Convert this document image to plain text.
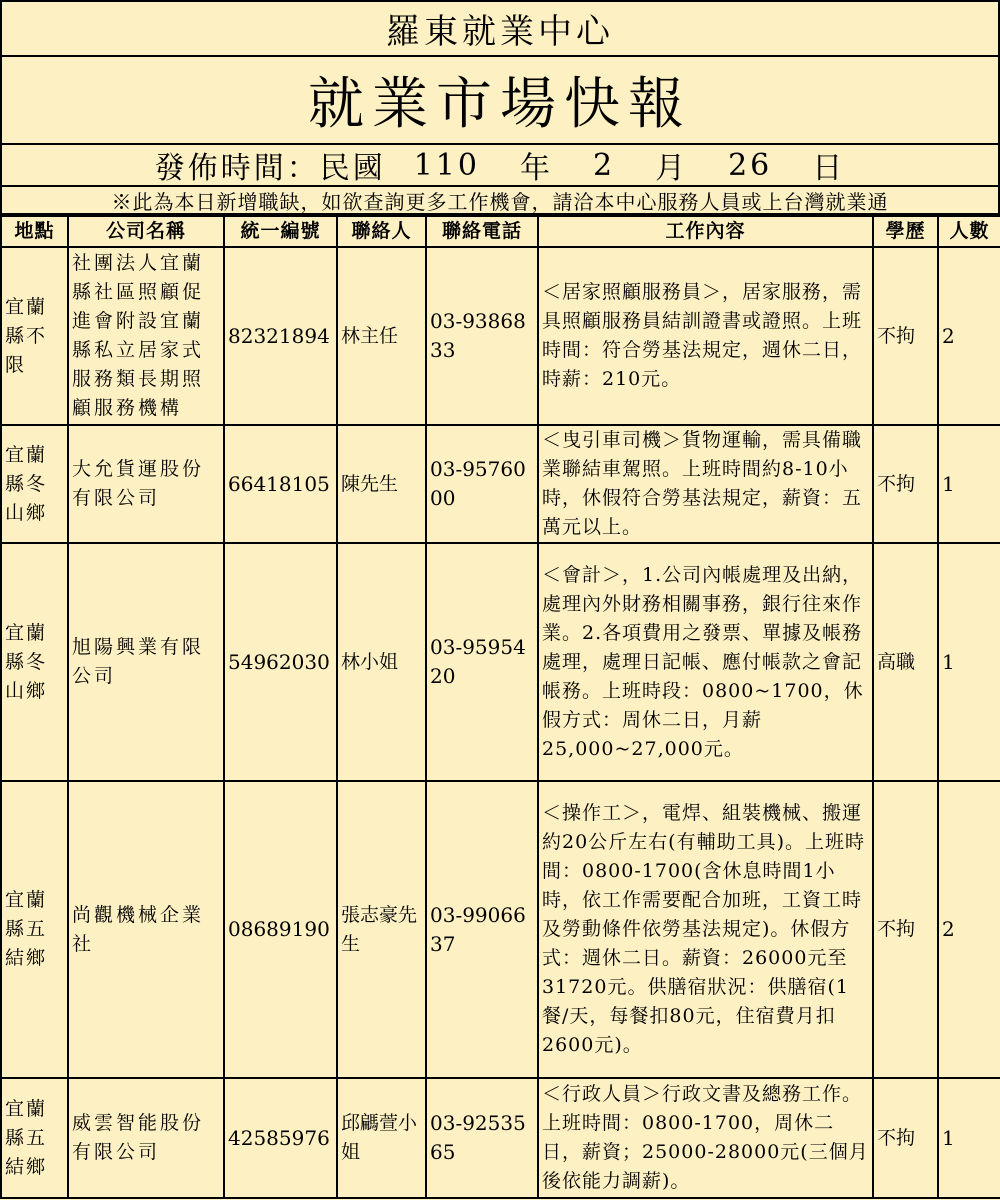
羅東就業中心
就業市場快報
發佈時間：民國 110 年 2 月 26 日
※此為本日新增職缺，如欲查詢更多工作機會，請洽本中心服務人員或上台灣就業通
地點	公司名稱	統一編號	聯絡人	聯絡電話	工作內容	學歷	人數
宜蘭縣不限	社團法人宜蘭縣社區照顧促進會附設宜蘭縣私立居家式服務類長期照顧服務機構	82321894	林主任	03-9386833	＜居家照顧服務員＞，居家服務，需具照顧服務員結訓證書或證照。上班時間：符合勞基法規定，週休二日，時薪：210元。	不拘	2
宜蘭縣冬山鄉	大允貨運股份有限公司	66418105	陳先生	03-9576000	＜曳引車司機＞貨物運輸，需具備職業聯結車駕照。上班時間約8-10小時，休假符合勞基法規定，薪資：五萬元以上。	不拘	1
宜蘭縣冬山鄉	旭陽興業有限公司	54962030	林小姐	03-9595420	＜會計＞，1.公司內帳處理及出納，處理內外財務相關事務，銀行往來作業。2.各項費用之發票、單據及帳務處理，處理日記帳、應付帳款之會記帳務。上班時段：0800~1700，休假方式：周休二日，月薪25,000~27,000元。	高職	1
宜蘭縣五結鄉	尚觀機械企業社	08689190	張志豪先生	03-9906637	＜操作工＞，電焊、組裝機械、搬運約20公斤左右(有輔助工具)。上班時間：0800-1700(含休息時間1小時，依工作需要配合加班，工資工時及勞動條件依勞基法規定)。休假方式：週休二日。薪資：26000元至31720元。供膳宿狀況：供膳宿(1餐/天，每餐扣80元，住宿費月扣2600元)。	不拘	2
宜蘭縣五結鄉	威雲智能股份有限公司	42585976	邱騗萱小姐	03-9253565	＜行政人員＞行政文書及總務工作。上班時間：0800-1700，周休二日，薪資；25000-28000元(三個月後依能力調薪)。	不拘	1
